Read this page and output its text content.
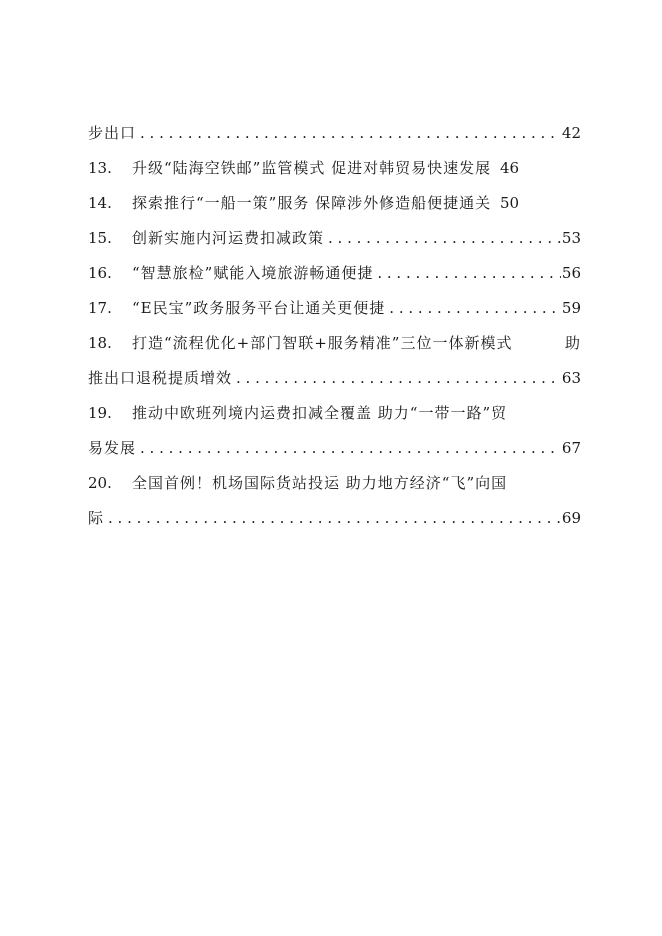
步出口 . . .	42
13.	升级“陆海空铁邮”监管模式 促进对韩贸易快速发展 46
14.	探索推行“一船一策”服务 保障涉外修造船便捷通关 50
15.	创新实施内河运费扣减政策 . . .	53
16.	“智慧旅检”赋能入境旅游畅通便捷 . . .	56
17.	“E民宝”政务服务平台让通关更便捷 . . .	59
18.	打造“流程优化+部门智联+服务精准”三位一体新模式	助
推出口退税提质增效 . . .	63
19.	推动中欧班列境内运费扣减全覆盖 助力“一带一路”贸
易发展 . . .	67
20.	全国首例！机场国际货站投运 助力地方经济“飞”向国
际 . . .	69
